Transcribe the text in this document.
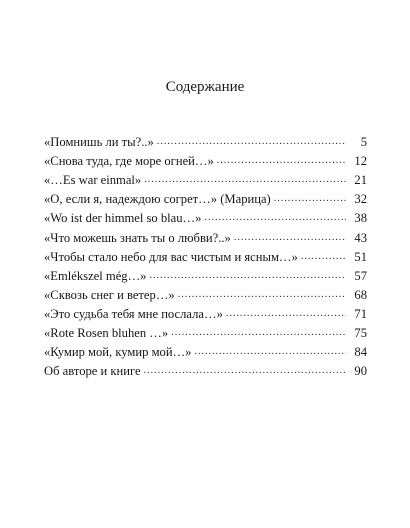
Содержание
«Помнишь ли ты?..» .....	5
«Снова туда, где море огней…» .....	12
«…Es war einmal» .....	21
«О, если я, надеждою согрет…» (Марица) .....	32
«Wo ist der himmel so blau…» .....	38
«Что можешь знать ты о любви?..» .....	43
«Чтобы стало небо для вас чистым и ясным…» .....	51
«Emlékszel még…» .....	57
«Сквозь снег и ветер…» .....	68
«Это судьба тебя мне послала…» .....	71
«Rote Rosen bluhen …» .....	75
«Кумир мой, кумир мой…» .....	84
Об авторе и книге .....	90
